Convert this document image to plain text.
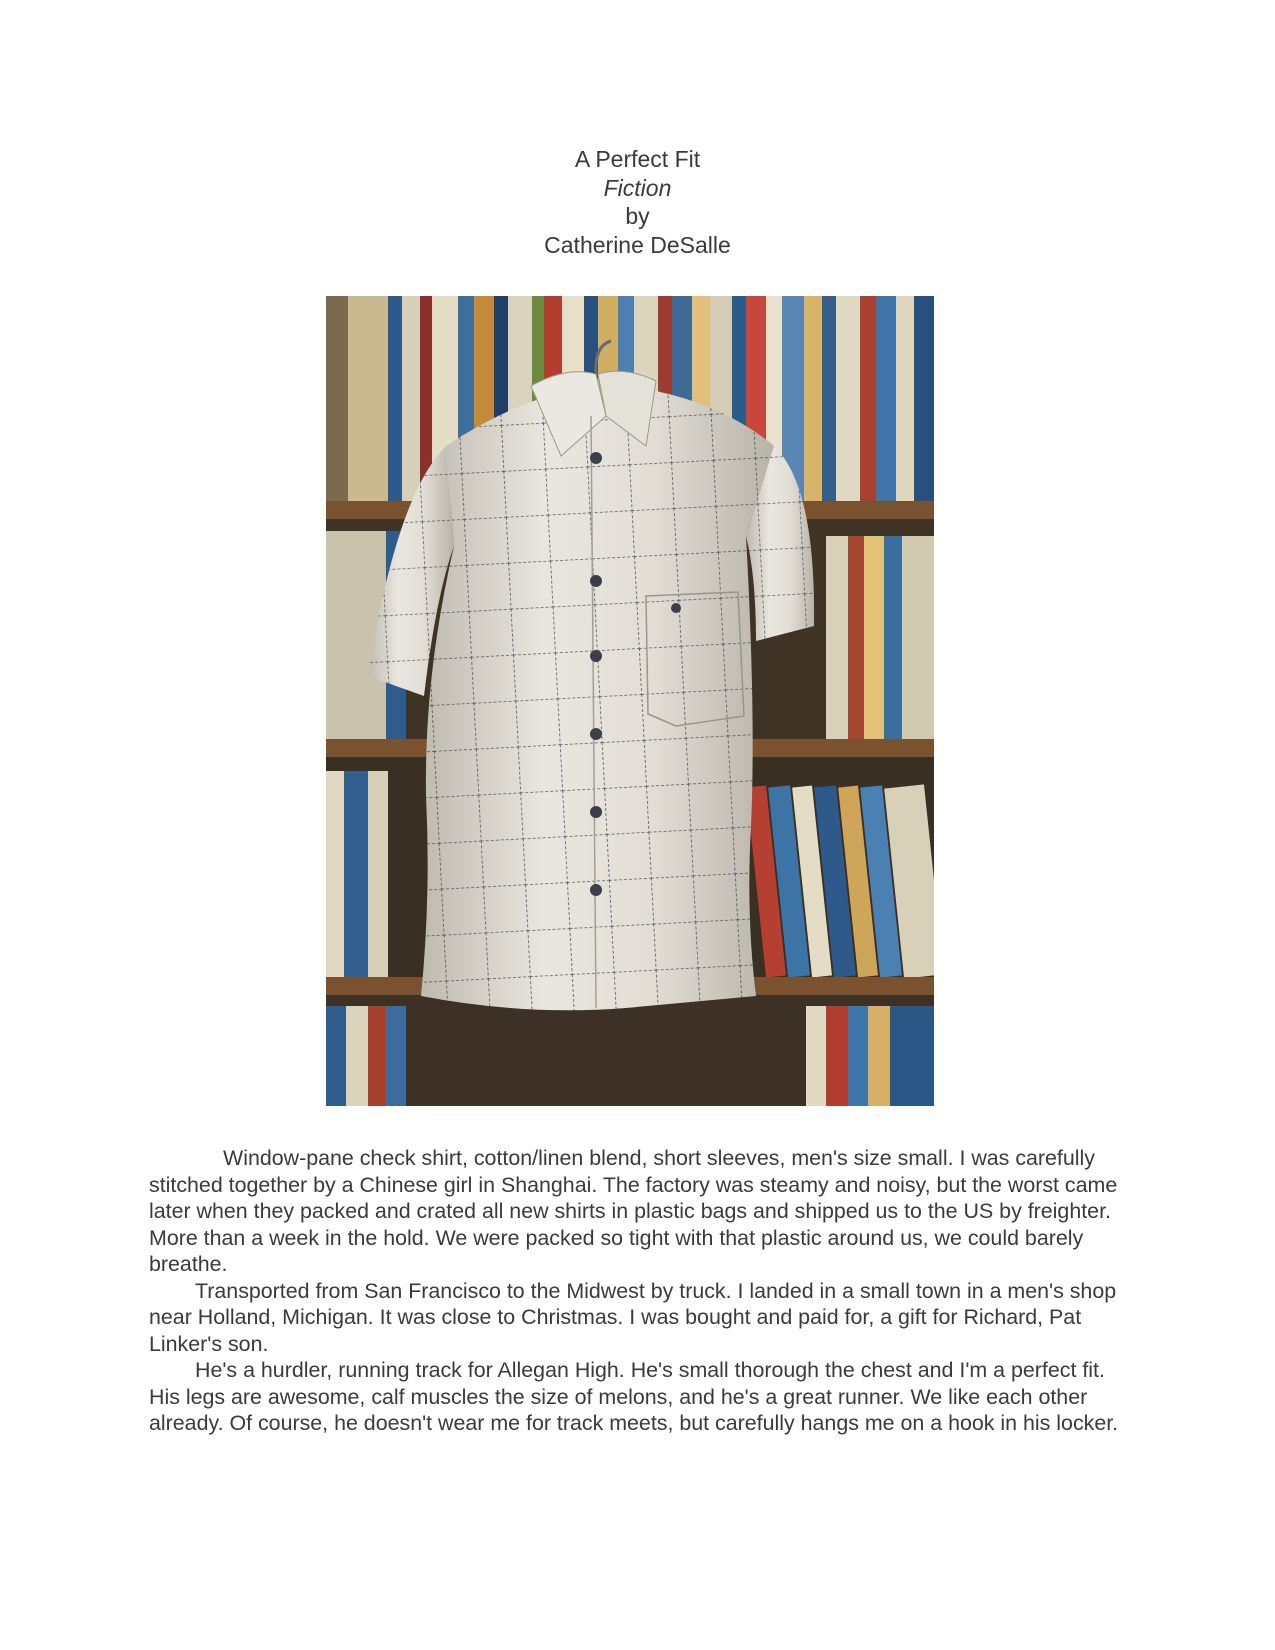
A Perfect Fit
Fiction
by
Catherine DeSalle

Window-pane check shirt, cotton/linen blend, short sleeves, men's size small. I was carefully stitched together by a Chinese girl in Shanghai. The factory was steamy and noisy, but the worst came later when they packed and crated all new shirts in plastic bags and shipped us to the US by freighter. More than a week in the hold. We were packed so tight with that plastic around us, we could barely breathe.

Transported from San Francisco to the Midwest by truck. I landed in a small town in a men's shop near Holland, Michigan. It was close to Christmas. I was bought and paid for, a gift for Richard, Pat Linker's son.

He's a hurdler, running track for Allegan High. He's small thorough the chest and I'm a perfect fit. His legs are awesome, calf muscles the size of melons, and he's a great runner. We like each other already. Of course, he doesn't wear me for track meets, but carefully hangs me on a hook in his locker.
